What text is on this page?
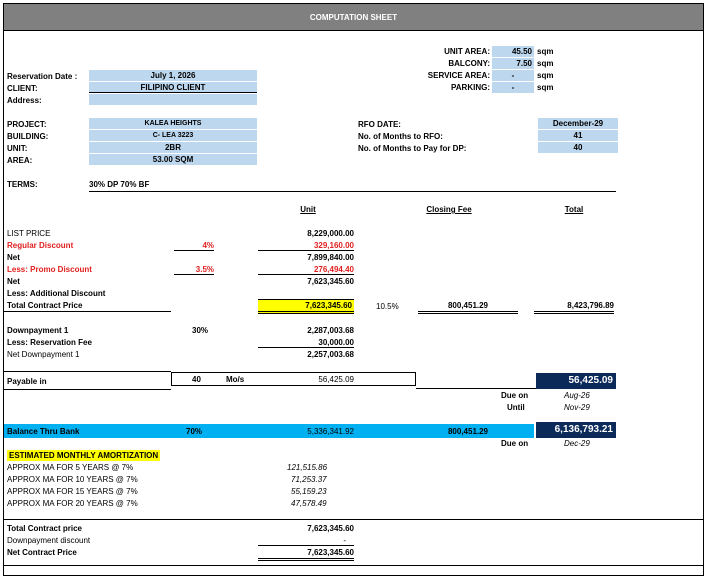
COMPUTATION SHEET
UNIT AREA:	45.50 sqm
BALCONY:	7.50 sqm
SERVICE AREA:	-	sqm
PARKING:	-	sqm
Reservation Date :	July 1, 2026
CLIENT:	FILIPINO CLIENT
Address:
PROJECT:	KALEA HEIGHTS
BUILDING:	C- LEA 3223
UNIT:	2BR
AREA:	53.00 SQM
RFO DATE:	December-29
No. of Months to RFO:	41
No. of Months to Pay for DP:	40
TERMS:	30% DP 70% BF
Unit	Closing Fee	Total
LIST PRICE	8,229,000.00
Regular Discount	4%	329,160.00
Net	7,899,840.00
Less: Promo Discount	3.5%	276,494.40
Net	7,623,345.60
Less: Additional Discount
Total Contract Price	7,623,345.60	10.5%	800,451.29	8,423,796.89
Downpayment 1	30%	2,287,003.68
Less: Reservation Fee	30,000.00
Net Downpayment 1	2,257,003.68
Payable in	40	Mo/s	56,425.09	56,425.09
Due on	Aug-26
Until	Nov-29
Balance Thru Bank	70%	5,336,341.92	800,451.29	6,136,793.21
Due on	Dec-29
ESTIMATED MONTHLY AMORTIZATION
APPROX MA FOR 5 YEARS @ 7%	121,515.86
APPROX MA FOR 10 YEARS @ 7%	71,253.37
APPROX MA FOR 15 YEARS @ 7%	55,159.23
APPROX MA FOR 20 YEARS @ 7%	47,578.49
Total Contract price	7,623,345.60
Downpayment discount	-
Net Contract Price	7,623,345.60
